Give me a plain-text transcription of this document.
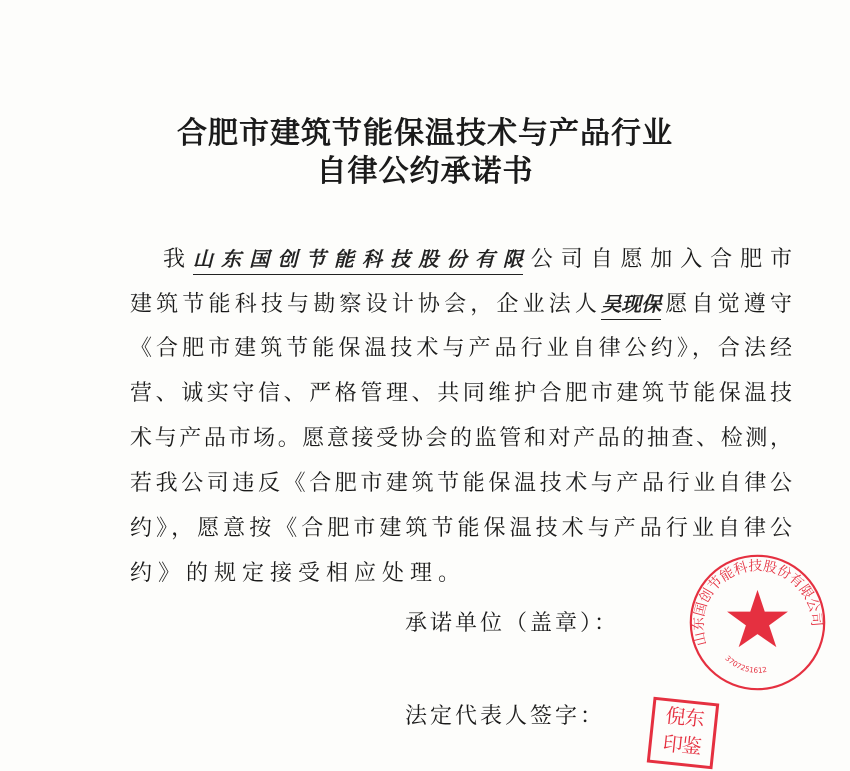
合肥市建筑节能保温技术与产品行业
自律公约承诺书
我山东国创节能科技股份有限公司自愿加入合肥市
建筑节能科技与勘察设计协会，企业法人吴现保愿自觉遵守
《合肥市建筑节能保温技术与产品行业自律公约》，合法经
营、诚实守信、严格管理、共同维护合肥市建筑节能保温技
术与产品市场。愿意接受协会的监管和对产品的抽查、检测，
若我公司违反《合肥市建筑节能保温技术与产品行业自律公
约》，愿意按《合肥市建筑节能保温技术与产品行业自律公
约》的规定接受相应处理。
承诺单位（盖章）：
法定代表人签字：
山东国创节能科技股份有限公司
3707251612
倪东印鉴
